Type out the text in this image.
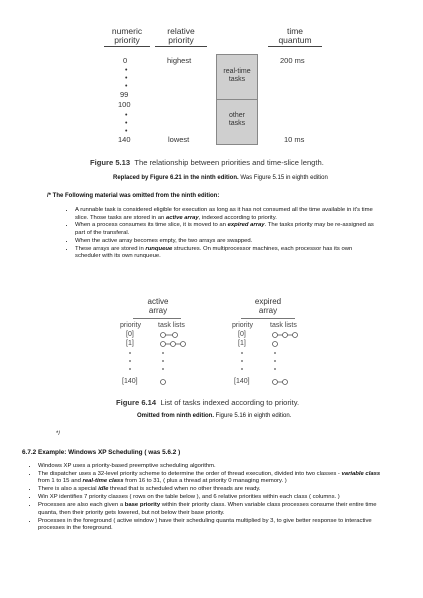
numeric
priority
relative
priority
time
quantum
0
•
•
•
99
100
•
•
•
140
highest
lowest
real-time tasks
other tasks
200 ms
10 ms
Figure 5.13 The relationship between priorities and time-slice length.
Replaced by Figure 6.21 in the ninth edition. Was Figure 5.15 in eighth edition
/* The Following material was omitted from the ninth edition:
• A runnable task is considered eligible for execution as long as it has not consumed all the time available in it's time slice. Those tasks are stored in an active array, indexed according to priority.
• When a process consumes its time slice, it is moved to an expired array. The tasks priority may be re-assigned as part of the transferal.
• When the active array becomes empty, the two arrays are swapped.
• These arrays are stored in runqueue structures. On multiprocessor machines, each processor has its own scheduler with its own runqueue.
active
array
expired
array
priority task lists	priority task lists
[0]
[1]
[140]
[0]
[1]
[140]
Figure 6.14 List of tasks indexed according to priority.
Omitted from ninth edition. Figure 5.16 in eighth edition.
*/
6.7.2 Example: Windows XP Scheduling ( was 5.6.2 )
• Windows XP uses a priority-based preemptive scheduling algorithm.
• The dispatcher uses a 32-level priority scheme to determine the order of thread execution, divided into two classes - variable class from 1 to 15 and real-time class from 16 to 31, ( plus a thread at priority 0 managing memory. )
• There is also a special idle thread that is scheduled when no other threads are ready.
• Win XP identifies 7 priority classes ( rows on the table below ), and 6 relative priorities within each class ( columns. )
• Processes are also each given a base priority within their priority class. When variable class processes consume their entire time quanta, then their priority gets lowered, but not below their base priority.
• Processes in the foreground ( active window ) have their scheduling quanta multiplied by 3, to give better response to interactive processes in the foreground.
